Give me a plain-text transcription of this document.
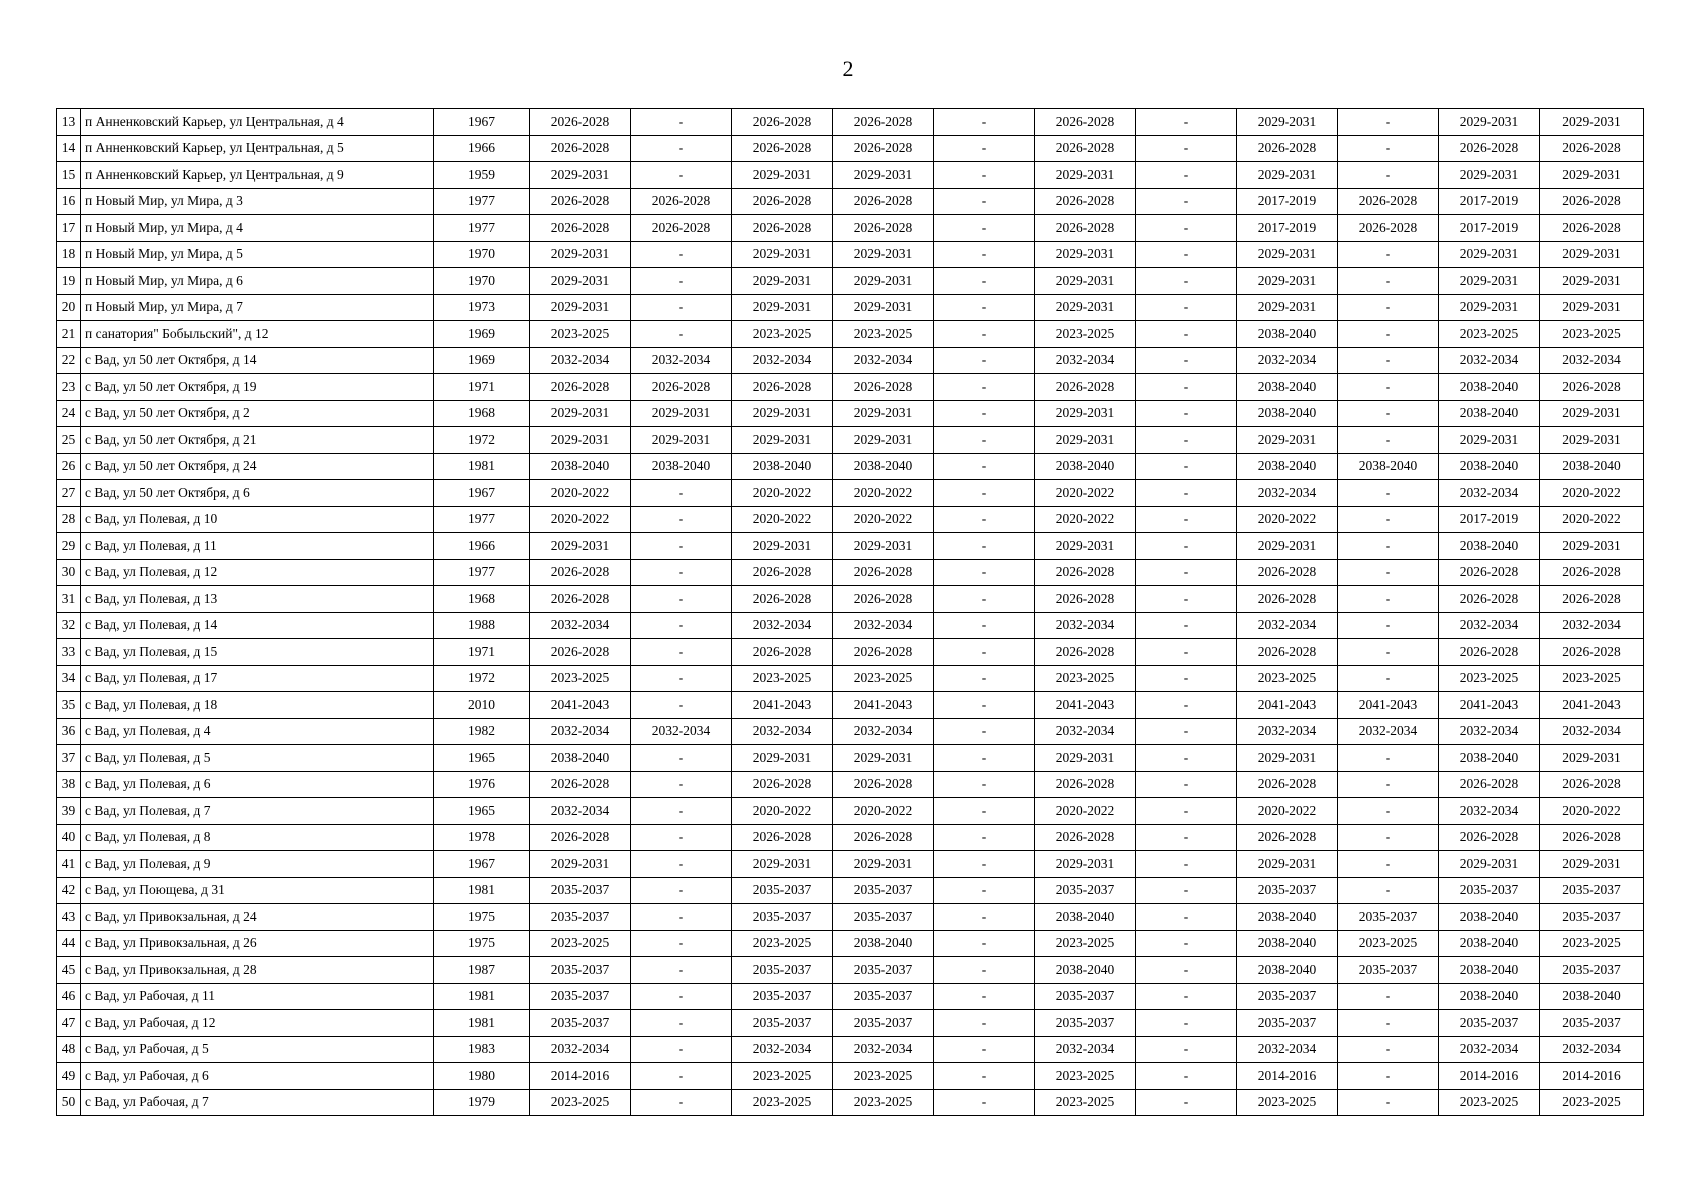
2
13	п Анненковский Карьер, ул Центральная, д 4	1967	2026-2028	-	2026-2028	2026-2028	-	2026-2028	-	2029-2031	-	2029-2031	2029-2031
14	п Анненковский Карьер, ул Центральная, д 5	1966	2026-2028	-	2026-2028	2026-2028	-	2026-2028	-	2026-2028	-	2026-2028	2026-2028
15	п Анненковский Карьер, ул Центральная, д 9	1959	2029-2031	-	2029-2031	2029-2031	-	2029-2031	-	2029-2031	-	2029-2031	2029-2031
16	п Новый Мир, ул Мира, д 3	1977	2026-2028	2026-2028	2026-2028	2026-2028	-	2026-2028	-	2017-2019	2026-2028	2017-2019	2026-2028
17	п Новый Мир, ул Мира, д 4	1977	2026-2028	2026-2028	2026-2028	2026-2028	-	2026-2028	-	2017-2019	2026-2028	2017-2019	2026-2028
18	п Новый Мир, ул Мира, д 5	1970	2029-2031	-	2029-2031	2029-2031	-	2029-2031	-	2029-2031	-	2029-2031	2029-2031
19	п Новый Мир, ул Мира, д 6	1970	2029-2031	-	2029-2031	2029-2031	-	2029-2031	-	2029-2031	-	2029-2031	2029-2031
20	п Новый Мир, ул Мира, д 7	1973	2029-2031	-	2029-2031	2029-2031	-	2029-2031	-	2029-2031	-	2029-2031	2029-2031
21	п санатория" Бобыльский", д 12	1969	2023-2025	-	2023-2025	2023-2025	-	2023-2025	-	2038-2040	-	2023-2025	2023-2025
22	с Вад, ул 50 лет Октября, д 14	1969	2032-2034	2032-2034	2032-2034	2032-2034	-	2032-2034	-	2032-2034	-	2032-2034	2032-2034
23	с Вад, ул 50 лет Октября, д 19	1971	2026-2028	2026-2028	2026-2028	2026-2028	-	2026-2028	-	2038-2040	-	2038-2040	2026-2028
24	с Вад, ул 50 лет Октября, д 2	1968	2029-2031	2029-2031	2029-2031	2029-2031	-	2029-2031	-	2038-2040	-	2038-2040	2029-2031
25	с Вад, ул 50 лет Октября, д 21	1972	2029-2031	2029-2031	2029-2031	2029-2031	-	2029-2031	-	2029-2031	-	2029-2031	2029-2031
26	с Вад, ул 50 лет Октября, д 24	1981	2038-2040	2038-2040	2038-2040	2038-2040	-	2038-2040	-	2038-2040	2038-2040	2038-2040	2038-2040
27	с Вад, ул 50 лет Октября, д 6	1967	2020-2022	-	2020-2022	2020-2022	-	2020-2022	-	2032-2034	-	2032-2034	2020-2022
28	с Вад, ул Полевая, д 10	1977	2020-2022	-	2020-2022	2020-2022	-	2020-2022	-	2020-2022	-	2017-2019	2020-2022
29	с Вад, ул Полевая, д 11	1966	2029-2031	-	2029-2031	2029-2031	-	2029-2031	-	2029-2031	-	2038-2040	2029-2031
30	с Вад, ул Полевая, д 12	1977	2026-2028	-	2026-2028	2026-2028	-	2026-2028	-	2026-2028	-	2026-2028	2026-2028
31	с Вад, ул Полевая, д 13	1968	2026-2028	-	2026-2028	2026-2028	-	2026-2028	-	2026-2028	-	2026-2028	2026-2028
32	с Вад, ул Полевая, д 14	1988	2032-2034	-	2032-2034	2032-2034	-	2032-2034	-	2032-2034	-	2032-2034	2032-2034
33	с Вад, ул Полевая, д 15	1971	2026-2028	-	2026-2028	2026-2028	-	2026-2028	-	2026-2028	-	2026-2028	2026-2028
34	с Вад, ул Полевая, д 17	1972	2023-2025	-	2023-2025	2023-2025	-	2023-2025	-	2023-2025	-	2023-2025	2023-2025
35	с Вад, ул Полевая, д 18	2010	2041-2043	-	2041-2043	2041-2043	-	2041-2043	-	2041-2043	2041-2043	2041-2043	2041-2043
36	с Вад, ул Полевая, д 4	1982	2032-2034	2032-2034	2032-2034	2032-2034	-	2032-2034	-	2032-2034	2032-2034	2032-2034	2032-2034
37	с Вад, ул Полевая, д 5	1965	2038-2040	-	2029-2031	2029-2031	-	2029-2031	-	2029-2031	-	2038-2040	2029-2031
38	с Вад, ул Полевая, д 6	1976	2026-2028	-	2026-2028	2026-2028	-	2026-2028	-	2026-2028	-	2026-2028	2026-2028
39	с Вад, ул Полевая, д 7	1965	2032-2034	-	2020-2022	2020-2022	-	2020-2022	-	2020-2022	-	2032-2034	2020-2022
40	с Вад, ул Полевая, д 8	1978	2026-2028	-	2026-2028	2026-2028	-	2026-2028	-	2026-2028	-	2026-2028	2026-2028
41	с Вад, ул Полевая, д 9	1967	2029-2031	-	2029-2031	2029-2031	-	2029-2031	-	2029-2031	-	2029-2031	2029-2031
42	с Вад, ул Поющева, д 31	1981	2035-2037	-	2035-2037	2035-2037	-	2035-2037	-	2035-2037	-	2035-2037	2035-2037
43	с Вад, ул Привокзальная, д 24	1975	2035-2037	-	2035-2037	2035-2037	-	2038-2040	-	2038-2040	2035-2037	2038-2040	2035-2037
44	с Вад, ул Привокзальная, д 26	1975	2023-2025	-	2023-2025	2038-2040	-	2023-2025	-	2038-2040	2023-2025	2038-2040	2023-2025
45	с Вад, ул Привокзальная, д 28	1987	2035-2037	-	2035-2037	2035-2037	-	2038-2040	-	2038-2040	2035-2037	2038-2040	2035-2037
46	с Вад, ул Рабочая, д 11	1981	2035-2037	-	2035-2037	2035-2037	-	2035-2037	-	2035-2037	-	2038-2040	2038-2040
47	с Вад, ул Рабочая, д 12	1981	2035-2037	-	2035-2037	2035-2037	-	2035-2037	-	2035-2037	-	2035-2037	2035-2037
48	с Вад, ул Рабочая, д 5	1983	2032-2034	-	2032-2034	2032-2034	-	2032-2034	-	2032-2034	-	2032-2034	2032-2034
49	с Вад, ул Рабочая, д 6	1980	2014-2016	-	2023-2025	2023-2025	-	2023-2025	-	2014-2016	-	2014-2016	2014-2016
50	с Вад, ул Рабочая, д 7	1979	2023-2025	-	2023-2025	2023-2025	-	2023-2025	-	2023-2025	-	2023-2025	2023-2025
